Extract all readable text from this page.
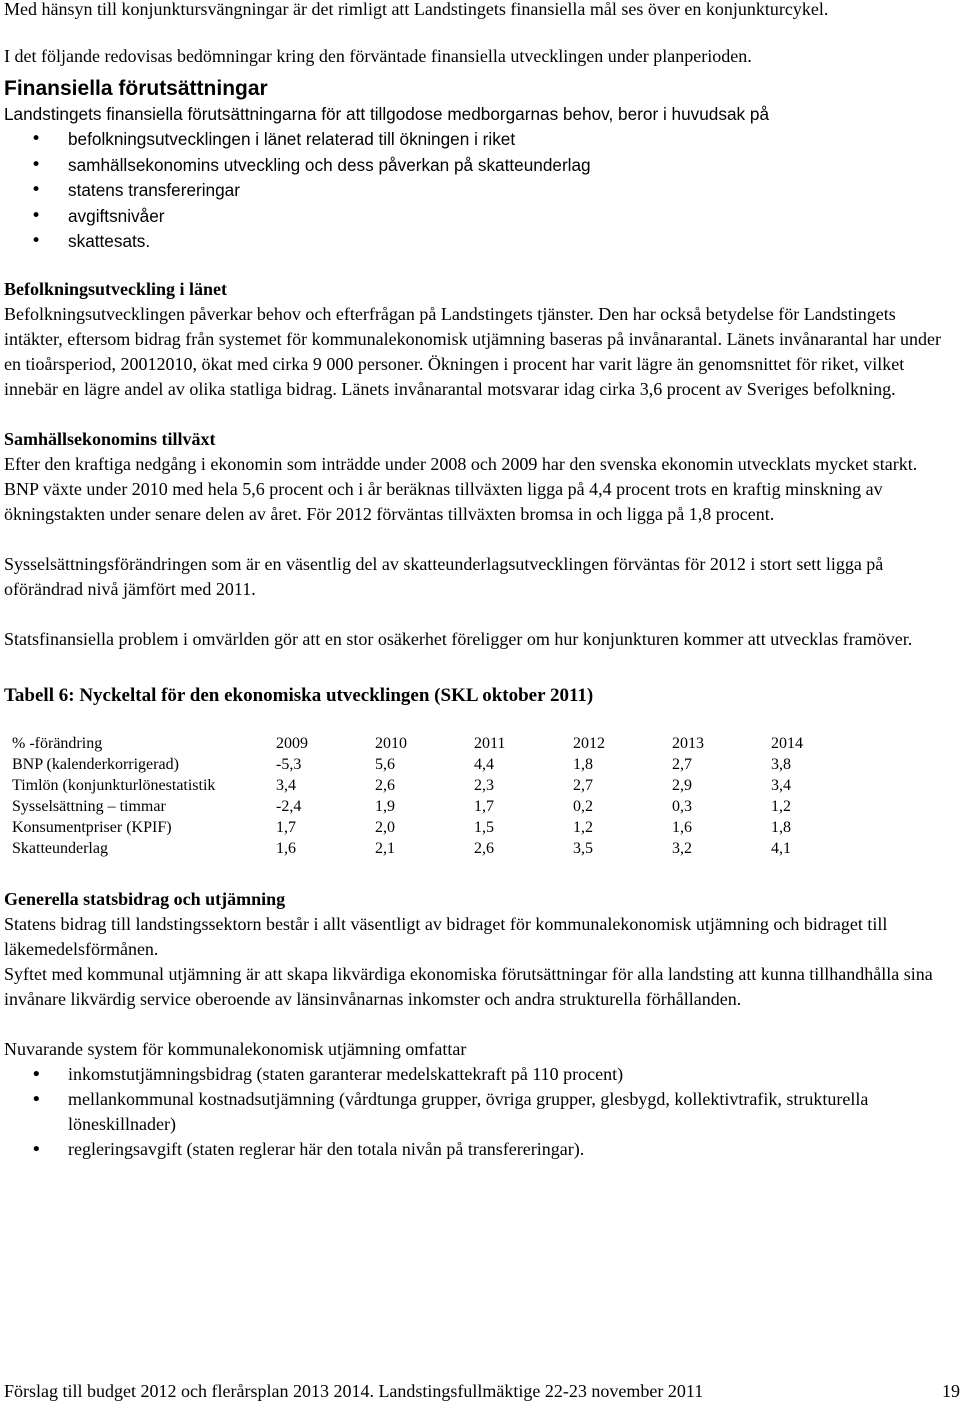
Med hänsyn till konjunktursvängningar är det rimligt att Landstingets finansiella mål ses över en konjunkturcykel.

I det följande redovisas bedömningar kring den förväntade finansiella utvecklingen under planperioden.

Finansiella förutsättningar

Landstingets finansiella förutsättningarna för att tillgodose medborgarnas behov, beror i huvudsak på

• befolkningsutvecklingen i länet relaterad till ökningen i riket
• samhällsekonomins utveckling och dess påverkan på skatteunderlag
• statens transfereringar
• avgiftsnivåer
• skattesats.

Befolkningsutveckling i länet

Befolkningsutvecklingen påverkar behov och efterfrågan på Landstingets tjänster. Den har också betydelse för Landstingets intäkter, eftersom bidrag från systemet för kommunalekonomisk utjämning baseras på invånarantal. Länets invånarantal har under en tioårsperiod, 20012010, ökat med cirka 9 000 personer. Ökningen i procent har varit lägre än genomsnittet för riket, vilket innebär en lägre andel av olika statliga bidrag. Länets invånarantal motsvarar idag cirka 3,6 procent av Sveriges befolkning.

Samhällsekonomins tillväxt

Efter den kraftiga nedgång i ekonomin som inträdde under 2008 och 2009 har den svenska ekonomin utvecklats mycket starkt. BNP växte under 2010 med hela 5,6 procent och i år beräknas tillväxten ligga på 4,4 procent trots en kraftig minskning av ökningstakten under senare delen av året. För 2012 förväntas tillväxten bromsa in och ligga på 1,8 procent.

Sysselsättningsförändringen som är en väsentlig del av skatteunderlagsutvecklingen förväntas för 2012 i stort sett ligga på oförändrad nivå jämfört med 2011.

Statsfinansiella problem i omvärlden gör att en stor osäkerhet föreligger om hur konjunkturen kommer att utvecklas framöver.

Tabell 6: Nyckeltal för den ekonomiska utvecklingen (SKL oktober 2011)

% -förändring	2009	2010	2011	2012	2013	2014
BNP (kalenderkorrigerad)	-5,3	5,6	4,4	1,8	2,7	3,8
Timlön (konjunkturlönestatistik	3,4	2,6	2,3	2,7	2,9	3,4
Sysselsättning – timmar	-2,4	1,9	1,7	0,2	0,3	1,2
Konsumentpriser (KPIF)	1,7	2,0	1,5	1,2	1,6	1,8
Skatteunderlag	1,6	2,1	2,6	3,5	3,2	4,1

Generella statsbidrag och utjämning

Statens bidrag till landstingssektorn består i allt väsentligt av bidraget för kommunalekonomisk utjämning och bidraget till läkemedelsförmånen.

Syftet med kommunal utjämning är att skapa likvärdiga ekonomiska förutsättningar för alla landsting att kunna tillhandhålla sina invånare likvärdig service oberoende av länsinvånarnas inkomster och andra strukturella förhållanden.

Nuvarande system för kommunalekonomisk utjämning omfattar

• inkomstutjämningsbidrag (staten garanterar medelskattekraft på 110 procent)
• mellankommunal kostnadsutjämning (vårdtunga grupper, övriga grupper, glesbygd, kollektivtrafik, strukturella löneskillnader)
• regleringsavgift (staten reglerar här den totala nivån på transfereringar).
Förslag till budget 2012 och flerårsplan 2013 2014. Landstingsfullmäktige 22-23 november 2011	19
